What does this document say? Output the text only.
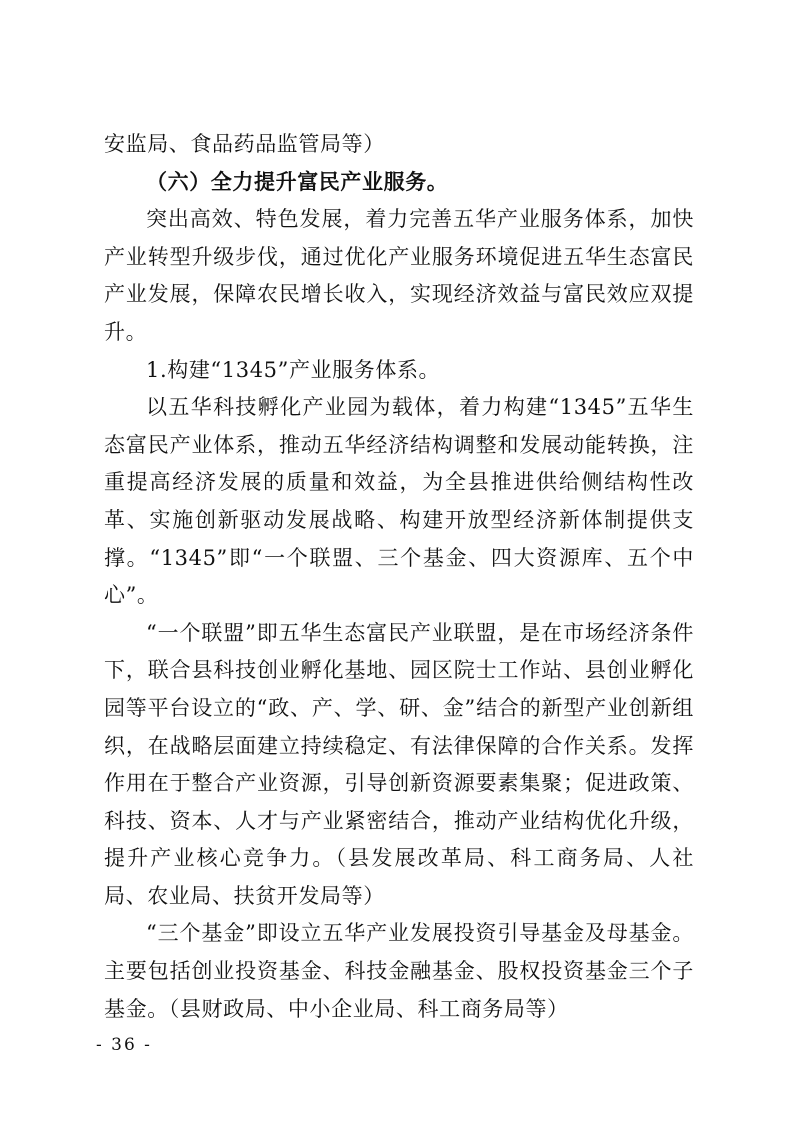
安监局、食品药品监管局等）

（六）全力提升富民产业服务。

突出高效、特色发展，着力完善五华产业服务体系，加快产业转型升级步伐，通过优化产业服务环境促进五华生态富民产业发展，保障农民增长收入，实现经济效益与富民效应双提升。

1.构建“1345”产业服务体系。

以五华科技孵化产业园为载体，着力构建“1345”五华生态富民产业体系，推动五华经济结构调整和发展动能转换，注重提高经济发展的质量和效益，为全县推进供给侧结构性改革、实施创新驱动发展战略、构建开放型经济新体制提供支撑。“1345”即“一个联盟、三个基金、四大资源库、五个中心”。

“一个联盟”即五华生态富民产业联盟，是在市场经济条件下，联合县科技创业孵化基地、园区院士工作站、县创业孵化园等平台设立的“政、产、学、研、金”结合的新型产业创新组织，在战略层面建立持续稳定、有法律保障的合作关系。发挥作用在于整合产业资源，引导创新资源要素集聚；促进政策、科技、资本、人才与产业紧密结合，推动产业结构优化升级，提升产业核心竞争力。（县发展改革局、科工商务局、人社局、农业局、扶贫开发局等）

“三个基金”即设立五华产业发展投资引导基金及母基金。主要包括创业投资基金、科技金融基金、股权投资基金三个子基金。（县财政局、中小企业局、科工商务局等）

- 36 -
